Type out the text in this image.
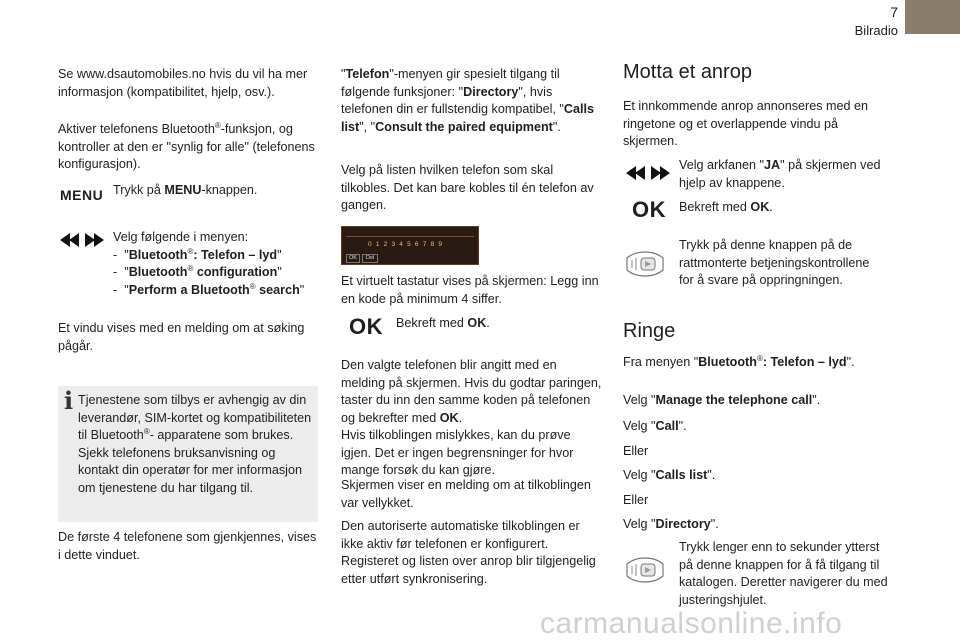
7
Bilradio

Se www.dsautomobiles.no hvis du vil ha mer informasjon (kompatibilitet, hjelp, osv.).

Aktiver telefonens Bluetooth®-funksjon, og kontroller at den er "synlig for alle" (telefonens konfigurasjon).

MENU Trykk på MENU-knappen.

Velg følgende i menyen:

- "Bluetooth®: Telefon – lyd"

- "Bluetooth® configuration"

- "Perform a Bluetooth® search"

Et vindu vises med en melding om at søking pågår.

i Tjenestene som tilbys er avhengig av din leverandør, SIM-kortet og kompatibiliteten til Bluetooth®- apparatene som brukes. Sjekk telefonens bruksanvisning og kontakt din operatør for mer informasjon om tjenestene du har tilgang til.

De første 4 telefonene som gjenkjennes, vises i dette vinduet.

"Telefon"-menyen gir spesielt tilgang til følgende funksjoner: "Directory", hvis telefonen din er fullstendig kompatibel, "Calls list", "Consult the paired equipment".

Velg på listen hvilken telefon som skal tilkobles. Det kan bare kobles til én telefon av gangen.

0 1 2 3 4 5 6 7 8 9
OK	Del

Et virtuelt tastatur vises på skjermen: Legg inn en kode på minimum 4 siffer.

OK Bekreft med OK.

Den valgte telefonen blir angitt med en melding på skjermen. Hvis du godtar paringen, taster du inn den samme koden på telefonen og bekrefter med OK.

Hvis tilkoblingen mislykkes, kan du prøve igjen. Det er ingen begrensninger for hvor mange forsøk du kan gjøre.

Skjermen viser en melding om at tilkoblingen var vellykket.

Den autoriserte automatiske tilkoblingen er ikke aktiv før telefonen er konfigurert.

Registeret og listen over anrop blir tilgjengelig etter utført synkronisering.

Motta et anrop

Et innkommende anrop annonseres med en ringetone og et overlappende vindu på skjermen.

Velg arkfanen "JA" på skjermen ved hjelp av knappene.

OK Bekreft med OK.

Trykk på denne knappen på de rattmonterte betjeningskontrollene for å svare på oppringningen.

Ringe

Fra menyen "Bluetooth®: Telefon – lyd".

Velg "Manage the telephone call".

Velg "Call".

Eller

Velg "Calls list".

Eller

Velg "Directory".

Trykk lenger enn to sekunder ytterst på denne knappen for å få tilgang til katalogen. Deretter navigerer du med justeringshjulet.

carmanualsonline.info
